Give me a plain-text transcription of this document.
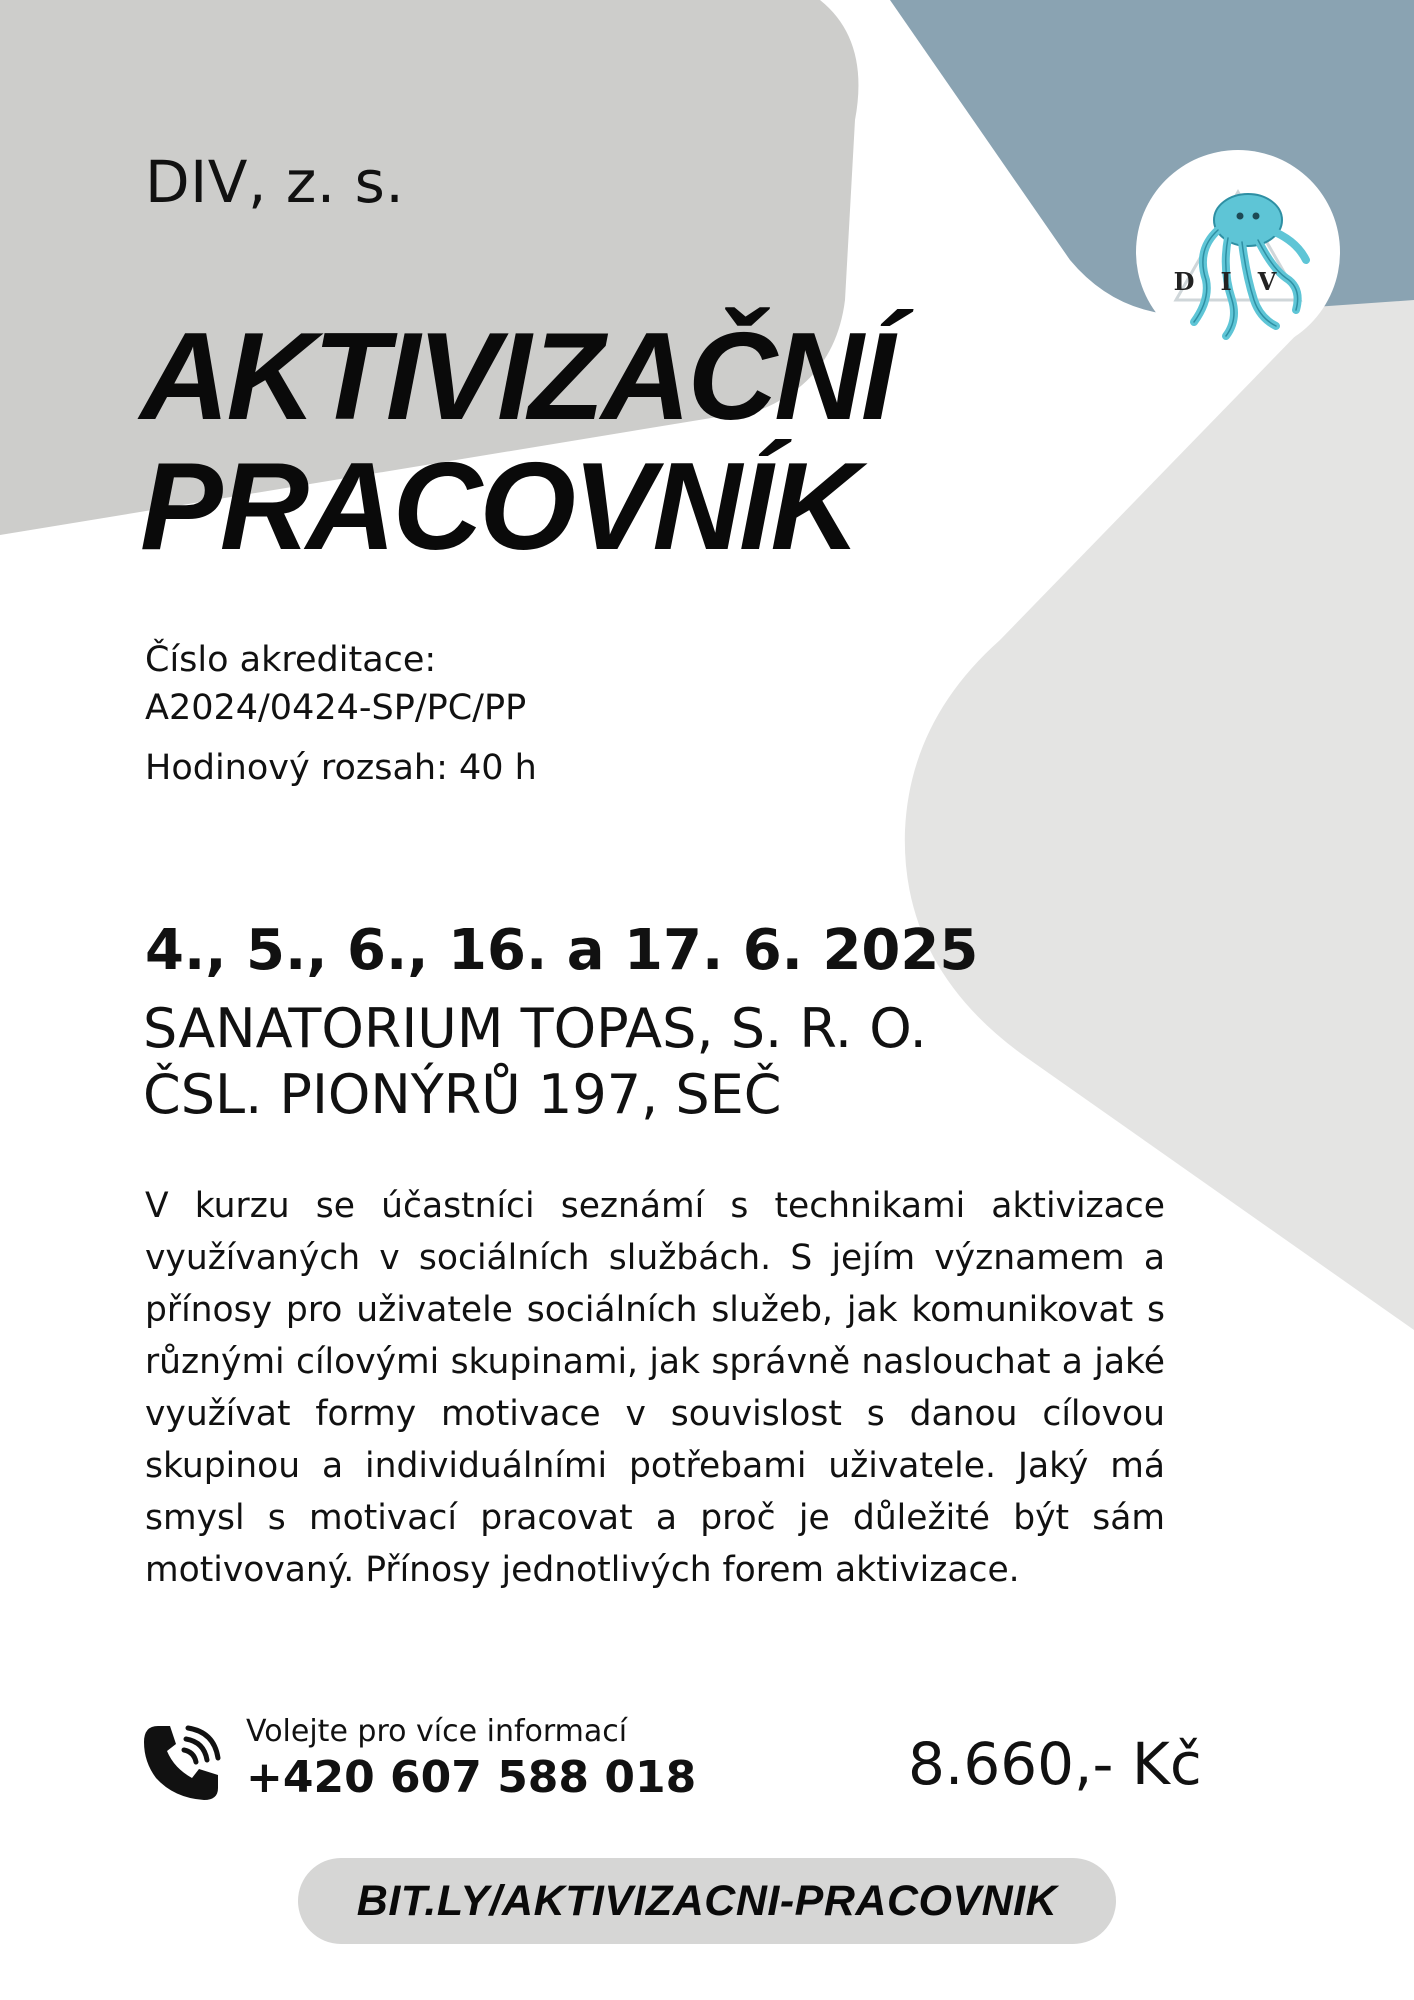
DIV
DIV, z. s.
AKTIVIZAČNÍ
PRACOVNÍK
Číslo akreditace:
A2024/0424-SP/PC/PP
Hodinový rozsah: 40 h
4., 5., 6., 16. a 17. 6. 2025
SANATORIUM TOPAS, S. R. O.
ČSL. PIONÝRŮ 197, SEČ

V kurzu se účastníci seznámí s technikami aktivizace využívaných v sociálních službách. S jejím významem a přínosy pro uživatele sociálních služeb, jak komunikovat s různými cílovými skupinami, jak správně naslouchat a jaké využívat formy motivace v souvislost s danou cílovou skupinou a individuálními potřebami uživatele. Jaký má smysl s motivací pracovat a proč je důležité být sám motivovaný. Přínosy jednotlivých forem aktivizace.

Volejte pro více informací
+420 607 588 018	8.660,- Kč
BIT.LY/AKTIVIZACNI-PRACOVNIK
